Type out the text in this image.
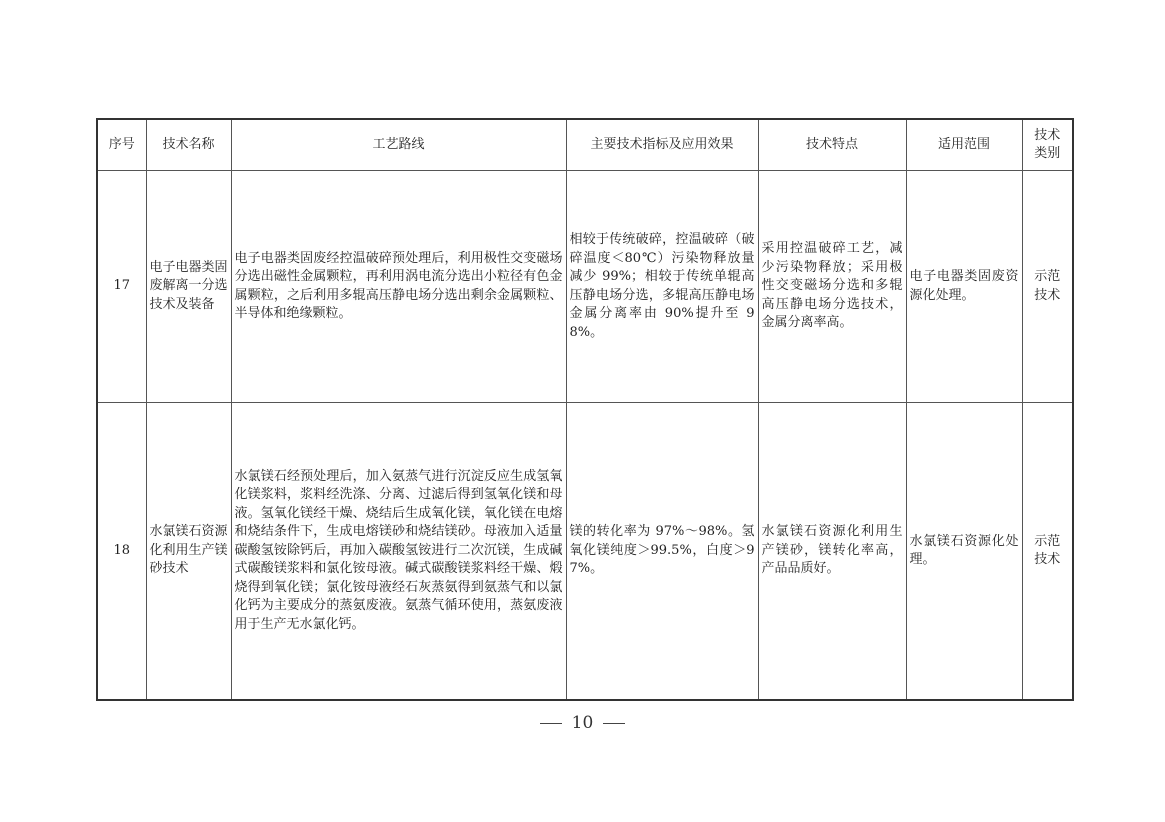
序号	技术名称	工艺路线	主要技术指标及应用效果	技术特点	适用范围	技术
类别
17	电子电器类固废解离一分选技术及装备	电子电器类固废经控温破碎预处理后，利用极性交变磁场分选出磁性金属颗粒，再利用涡电流分选出小粒径有色金属颗粒，之后利用多辊高压静电场分选出剩余金属颗粒、半导体和绝缘颗粒。	相较于传统破碎，控温破碎（破碎温度＜80℃）污染物释放量减少 99%；相较于传统单辊高压静电场分选，多辊高压静电场金属分离率由 90%提升至 98%。	采用控温破碎工艺，减少污染物释放；采用极性交变磁场分选和多辊高压静电场分选技术，金属分离率高。	电子电器类固废资源化处理。	示范
技术
18	水氯镁石资源化利用生产镁砂技术	水氯镁石经预处理后，加入氨蒸气进行沉淀反应生成氢氧化镁浆料，浆料经洗涤、分离、过滤后得到氢氧化镁和母液。氢氧化镁经干燥、烧结后生成氧化镁，氧化镁在电熔和烧结条件下，生成电熔镁砂和烧结镁砂。母液加入适量碳酸氢铵除钙后，再加入碳酸氢铵进行二次沉镁，生成碱式碳酸镁浆料和氯化铵母液。碱式碳酸镁浆料经干燥、煅烧得到氧化镁；氯化铵母液经石灰蒸氨得到氨蒸气和以氯化钙为主要成分的蒸氨废液。氨蒸气循环使用，蒸氨废液用于生产无水氯化钙。	镁的转化率为 97%～98%。氢氧化镁纯度＞99.5%，白度＞97%。	水氯镁石资源化利用生产镁砂，镁转化率高，产品品质好。	水氯镁石资源化处理。	示范
技术
10
